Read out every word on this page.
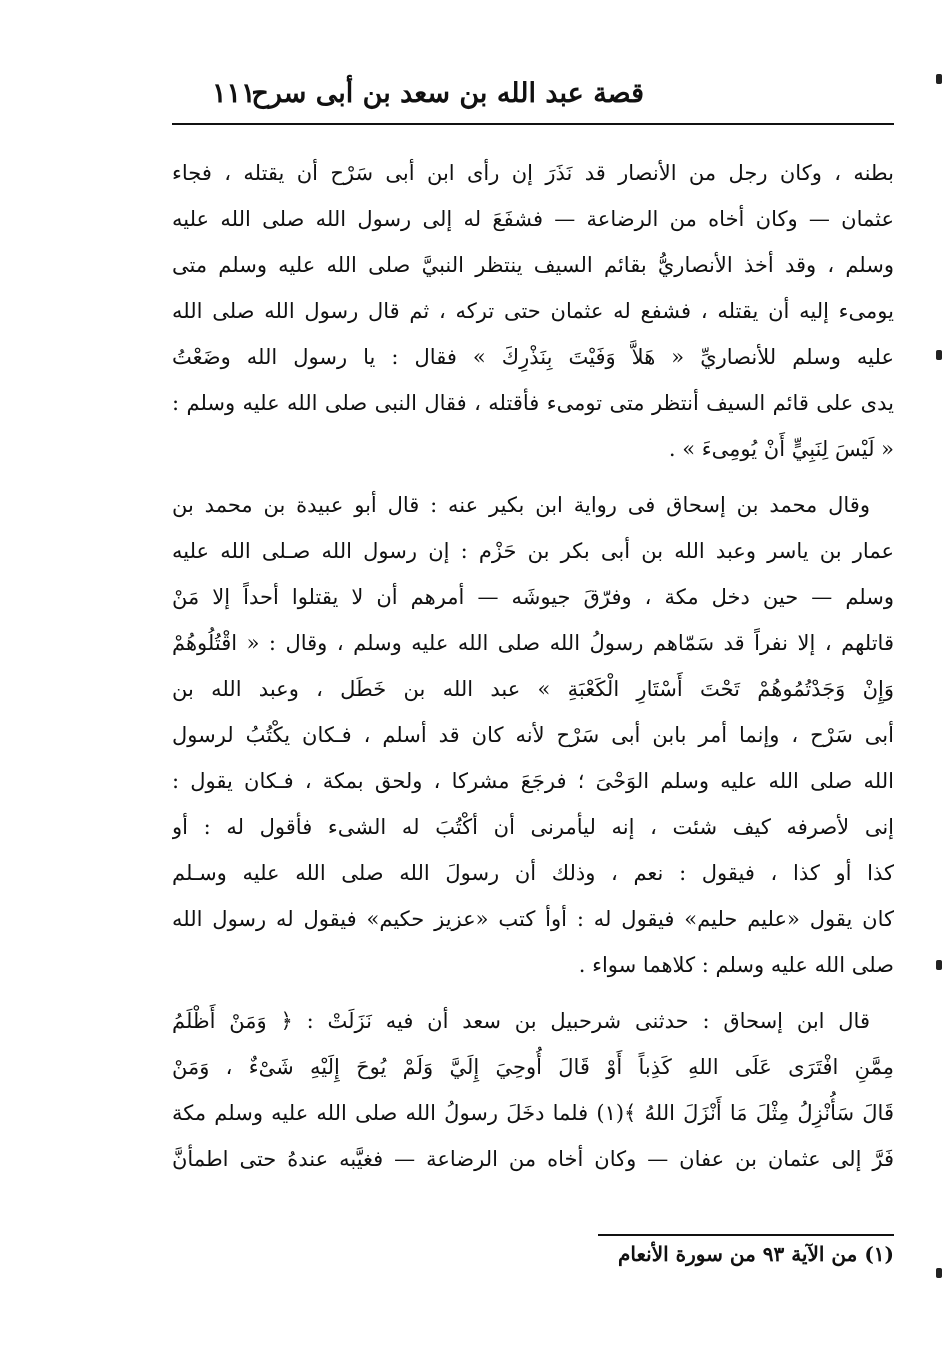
قصة عبد الله بن سعد بن أبى سرح
١١١
بطنه ، وكان رجل من الأنصار قد نَذَرَ إن رأى ابن أبى سَرْح أن يقتله ، فجاء
عثمان — وكان أخاه من الرضاعة — فشفَعَ له إلى رسول الله صلى الله عليه
وسلم ، وقد أخذ الأنصاريُّ بقائم السيف ينتظر النبيَّ صلى الله عليه وسلم متى
يومىء إليه أن يقتله ، فشفع له عثمان حتى تركه ، ثم قال رسول الله صلى الله
عليه وسلم للأنصاريِّ « هَلاَّ وَفَيْتَ بِنَذْرِكَ » فقال : يا رسول الله وضَعْتُ
يدى على قائم السيف أنتظر متى تومىء فأقتله ، فقال النبى صلى الله عليه وسلم :
« لَيْسَ لِنَبِيٍّ أَنْ يُومِىءَ » .
وقال محمد بن إسحاق فى رواية ابن بكير عنه : قال أبو عبيدة بن محمد بن
عمار بن ياسر وعبد الله بن أبى بكر بن حَزْم : إن رسول الله صـلى الله عليه
وسلم — حين دخل مكة ، وفرّقَ جيوشَه — أمرهم أن لا يقتلوا أحداً إلا مَنْ
قاتلهم ، إلا نفراً قد سَمّاهم رسولُ الله صلى الله عليه وسلم ، وقال : « اقْتُلُوهُمْ
وَإِنْ وَجَدْتُمُوهُمْ تَحْتَ أَسْتَارِ الْكَعْبَةِ » عبد الله بن خَطَل ، وعبد الله بن
أبى سَرْح ، وإنما أمر بابن أبى سَرْح لأنه كان قد أسلم ، فـكان يكْتُبُ لرسول
الله صلى الله عليه وسلم الوَحْىَ ؛ فرجَعَ مشركا ، ولحق بمكة ، فـكان يقول :
إنى لأصرفه كيف شئت ، إنه ليأمرنى أن أكْتُبَ له الشىء فأقول له : أو
كذا أو كذا ، فيقول : نعم ، وذلك أن رسولَ الله صلى الله عليه وسـلم
كان يقول «عليم حليم» فيقول له : أوأ كتب «عزيز حكيم» فيقول له رسول الله
صلى الله عليه وسلم : كلاهما سواء .
قال ابن إسحاق : حدثنى شرحبيل بن سعد أن فيه نَزَلَتْ : ﴿ وَمَنْ أَظْلَمُ
مِمَّنِ افْتَرَى عَلَى اللهِ كَذِباً أَوْ قَالَ أُوحِيَ إِلَيَّ وَلَمْ يُوحَ إِلَيْهِ شَىْءٌ ، وَمَنْ
قَالَ سَأُنْزِلُ مِثْلَ مَا أَنْزَلَ اللهُ ﴾(١) فلما دخَلَ رسولُ الله صلى الله عليه وسلم مكة
فَرَّ إلى عثمان بن عفان — وكان أخاه من الرضاعة — فغيَّبه عندهُ حتى اطمأنَّ
(١) من الآية ٩٣ من سورة الأنعام
